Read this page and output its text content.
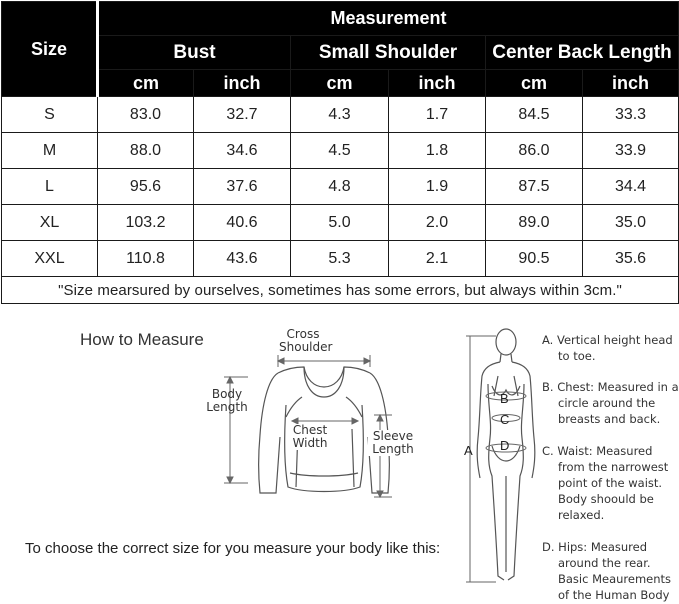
Size	Measurement					
	Bust		Small Shoulder		Center Back Length	
	cm	inch	cm	inch	cm	inch
S	83.0	32.7	4.3	1.7	84.5	33.3
M	88.0	34.6	4.5	1.8	86.0	33.9
L	95.6	37.6	4.8	1.9	87.5	34.4
XL	103.2	40.6	5.0	2.0	89.0	35.0
XXL	110.8	43.6	5.3	2.1	90.5	35.6
"Size mearsured by ourselves, sometimes has some errors, but always within 3cm."						
How to Measure	Cross
Shoulder
Body
Length
Chest
Width	Sleeve
Length	A
B
C
D
A. Vertical height head
to toe.
B. Chest: Measured in a
circle around the
breasts and back.
C. Waist: Measured
from the narrowest
point of the waist.
Body shoould be
relaxed.
D. Hips: Measured
around the rear.
Basic Meaurements
of the Human Body
To choose the correct size for you measure your body like this:
